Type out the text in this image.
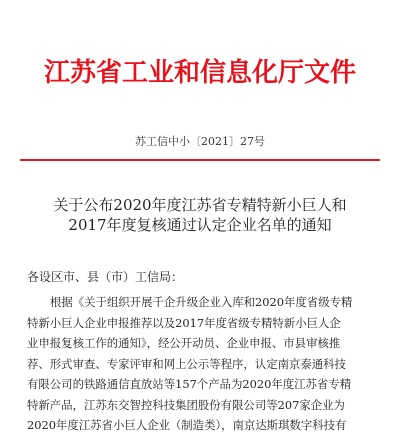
江苏省工业和信息化厅文件
苏工信中小〔2021〕27号
关于公布2020年度江苏省专精特新小巨人和
2017年度复核通过认定企业名单的通知
各设区市、县（市）工信局：
根据《关于组织开展千企升级企业入库和2020年度省级专精
特新小巨人企业申报推荐以及2017年度省级专精特新小巨人企
业申报复核工作的通知》，经公开动员、企业申报、市县审核推
荐、形式审查、专家评审和网上公示等程序，认定南京泰通科技
有限公司的铁路通信直放站等157个产品为2020年度江苏省专精
特新产品，江苏东交智控科技集团股份有限公司等207家企业为
2020年度江苏省小巨人企业（制造类），南京达斯琪数字科技有
